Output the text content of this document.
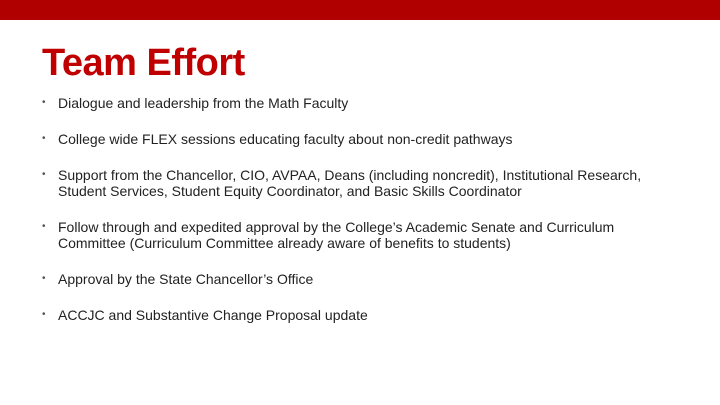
Team Effort
• Dialogue and leadership from the Math Faculty
• College wide FLEX sessions educating faculty about non-credit pathways
• Support from the Chancellor, CIO, AVPAA, Deans (including noncredit), Institutional Research, Student Services, Student Equity Coordinator, and Basic Skills Coordinator
• Follow through and expedited approval by the College’s Academic Senate and Curriculum Committee (Curriculum Committee already aware of benefits to students)
• Approval by the State Chancellor’s Office
• ACCJC and Substantive Change Proposal update
